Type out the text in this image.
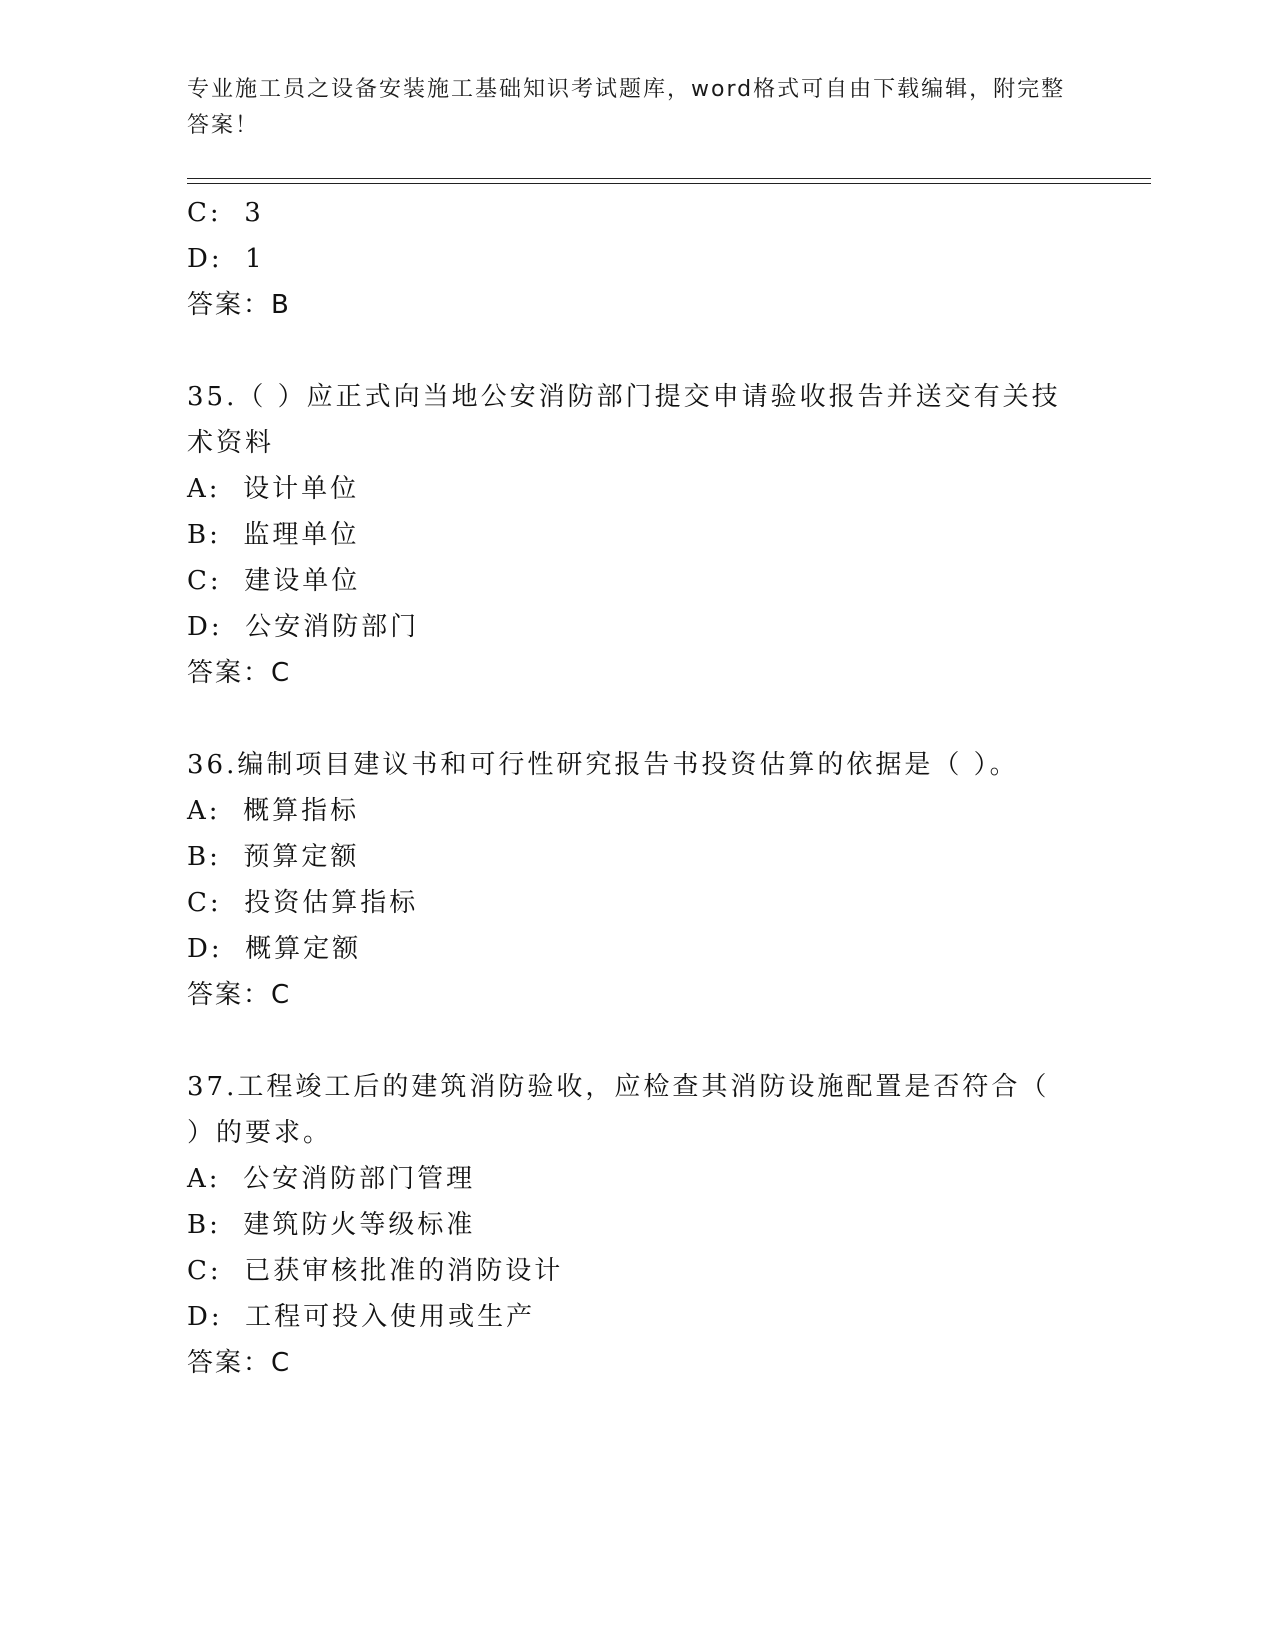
专业施工员之设备安装施工基础知识考试题库，word格式可自由下载编辑，附完整答案！
C:  3
D:  1
答案：B
35.（ ）应正式向当地公安消防部门提交申请验收报告并送交有关技术资料
A:  设计单位
B:  监理单位
C:  建设单位
D:  公安消防部门
答案：C
36.编制项目建议书和可行性研究报告书投资估算的依据是（ ）。
A:  概算指标
B:  预算定额
C:  投资估算指标
D:  概算定额
答案：C
37.工程竣工后的建筑消防验收，应检查其消防设施配置是否符合（ ）的要求。
A:  公安消防部门管理
B:  建筑防火等级标准
C:  已获审核批准的消防设计
D:  工程可投入使用或生产
答案：C
